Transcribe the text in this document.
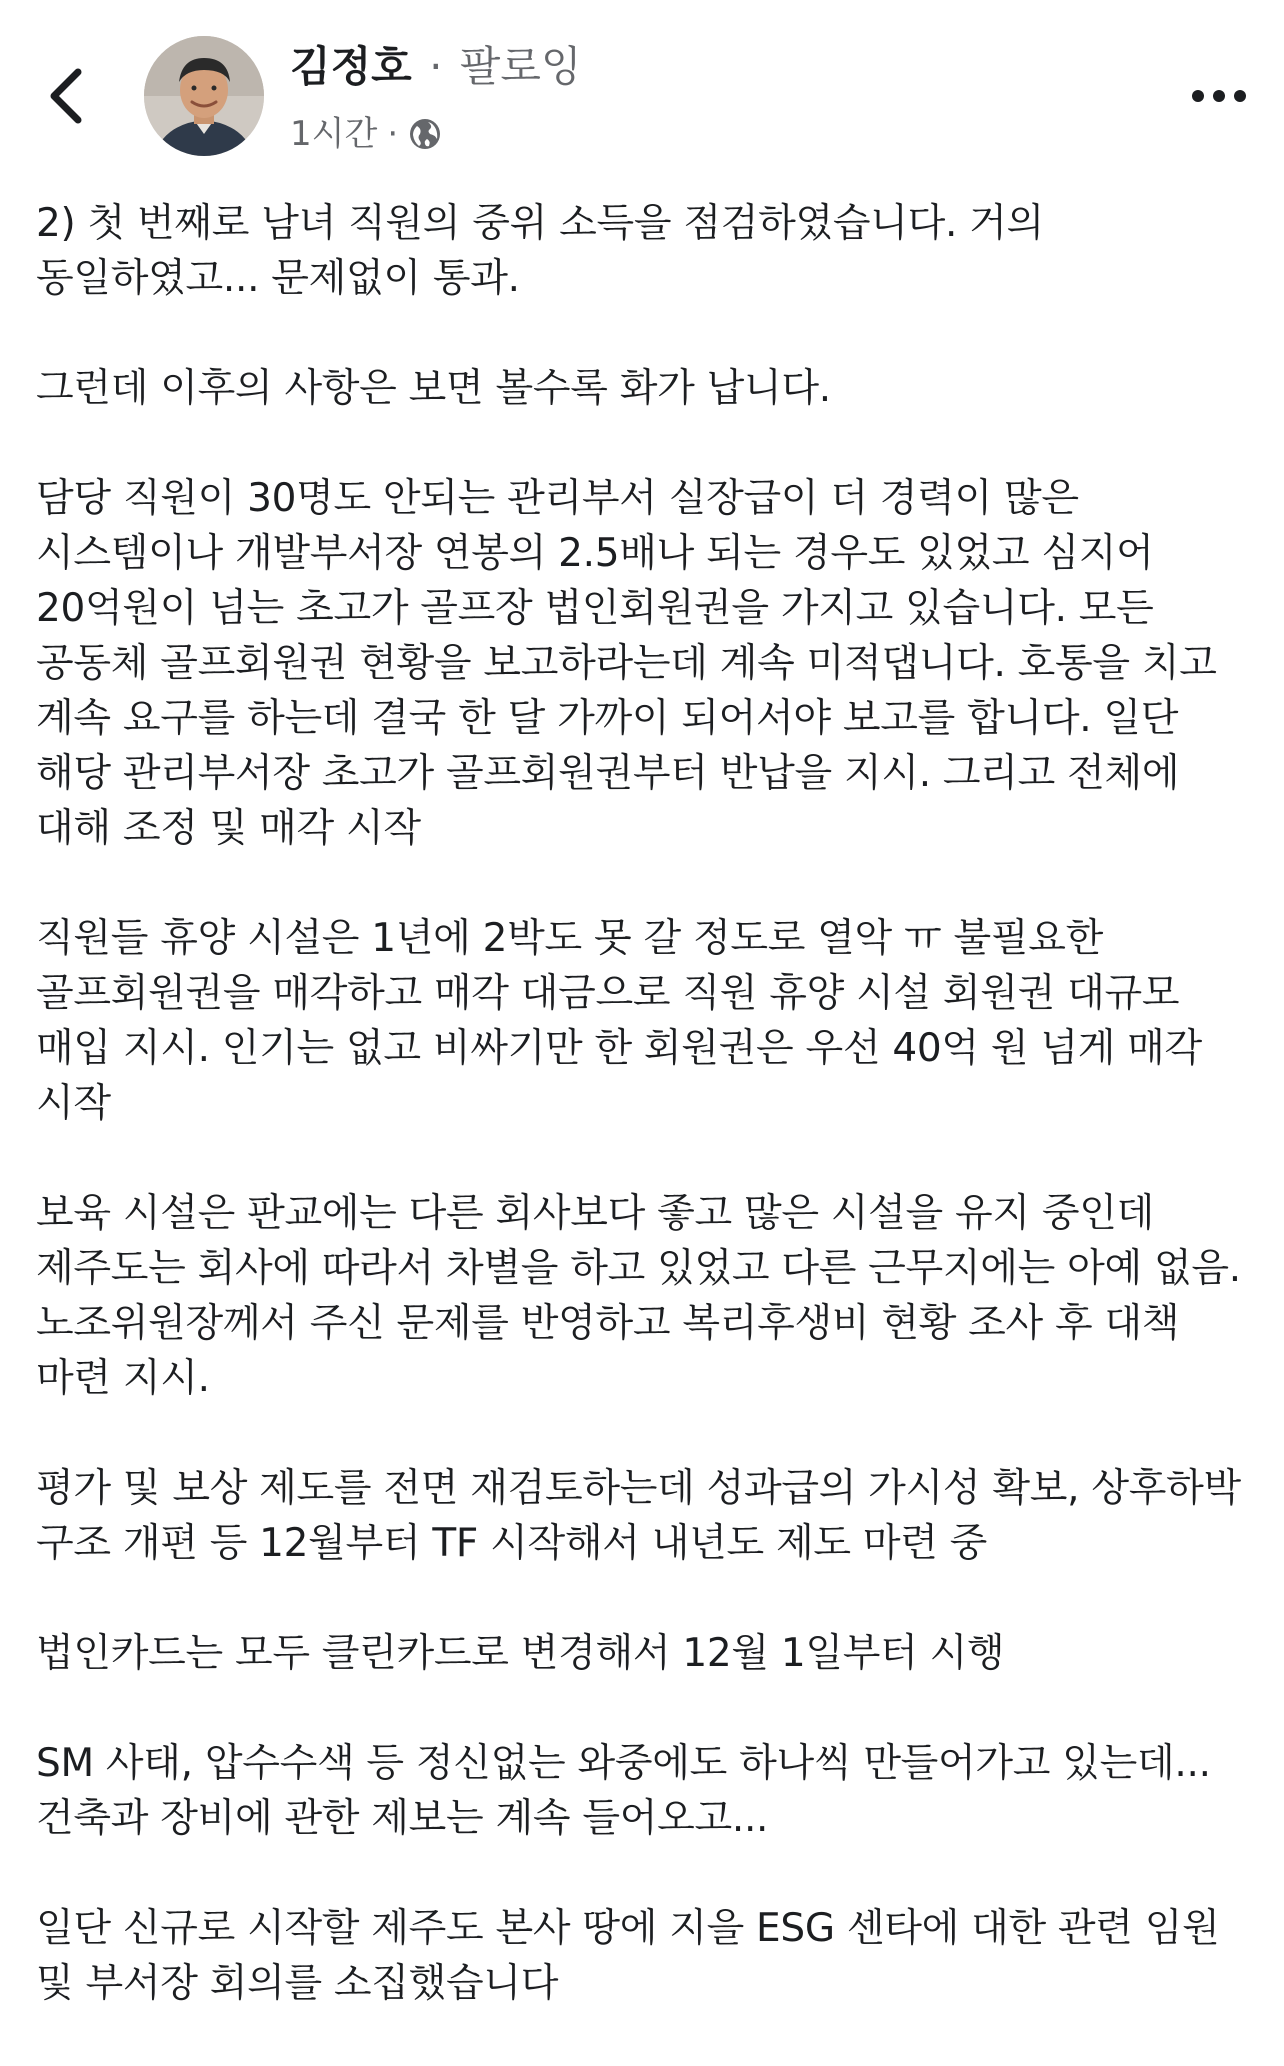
김정호 · 팔로잉
1시간 ·

2) 첫 번째로 남녀 직원의 중위 소득을 점검하였습니다. 거의 동일하였고... 문제없이 통과.

그런데 이후의 사항은 보면 볼수록 화가 납니다.

담당 직원이 30명도 안되는 관리부서 실장급이 더 경력이 많은 시스템이나 개발부서장 연봉의 2.5배나 되는 경우도 있었고 심지어 20억원이 넘는 초고가 골프장 법인회원권을 가지고 있습니다. 모든 공동체 골프회원권 현황을 보고하라는데 계속 미적댑니다. 호통을 치고 계속 요구를 하는데 결국 한 달 가까이 되어서야 보고를 합니다. 일단 해당 관리부서장 초고가 골프회원권부터 반납을 지시. 그리고 전체에 대해 조정 및 매각 시작

직원들 휴양 시설은 1년에 2박도 못 갈 정도로 열악 ㅠ 불필요한 골프회원권을 매각하고 매각 대금으로 직원 휴양 시설 회원권 대규모 매입 지시. 인기는 없고 비싸기만 한 회원권은 우선 40억 원 넘게 매각 시작

보육 시설은 판교에는 다른 회사보다 좋고 많은 시설을 유지 중인데 제주도는 회사에 따라서 차별을 하고 있었고 다른 근무지에는 아예 없음. 노조위원장께서 주신 문제를 반영하고 복리후생비 현황 조사 후 대책 마련 지시.

평가 및 보상 제도를 전면 재검토하는데 성과급의 가시성 확보, 상후하박 구조 개편 등 12월부터 TF 시작해서 내년도 제도 마련 중

법인카드는 모두 클린카드로 변경해서 12월 1일부터 시행

SM 사태, 압수수색 등 정신없는 와중에도 하나씩 만들어가고 있는데... 건축과 장비에 관한 제보는 계속 들어오고...

일단 신규로 시작할 제주도 본사 땅에 지을 ESG 센타에 대한 관련 임원 및 부서장 회의를 소집했습니다
